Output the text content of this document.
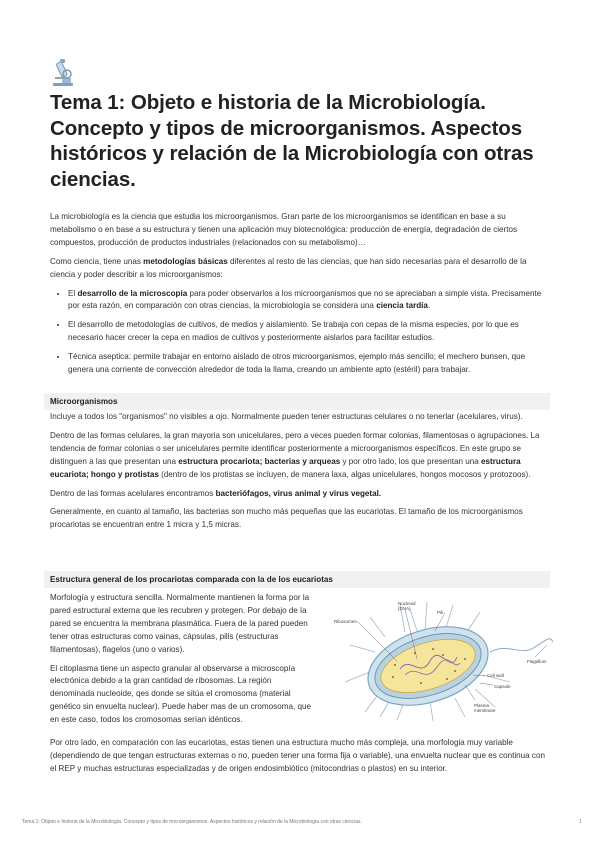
Tema 1: Objeto e historia de la Microbiología. Concepto y tipos de microorganismos. Aspectos históricos y relación de la Microbiología con otras ciencias.

La microbiología es la ciencia que estudia los microorganismos. Gran parte de los microorganismos se identifican en base a su metabolismo o en base a su estructura y tienen una aplicación muy biotecnológica: producción de energía, degradación de ciertos compuestos, producción de productos industriales (relacionados con su metabolismo)…

Como ciencia, tiene unas metodologías básicas diferentes al resto de las ciencias, que han sido necesarias para el desarrollo de la ciencia y poder describir a los microorganismos:

• El desarrollo de la microscopía para poder observarlos a los microorganismos que no se apreciaban a simple vista. Precisamente por esta razón, en comparación con otras ciencias, la microbiología se considera una ciencia tardía.
• El desarrollo de metodologías de cultivos, de medios y aislamiento. Se trabaja con cepas de la misma especies, por lo que es necesario hacer crecer la cepa en madios de cultivos y posteriormente aislarlos para facilitar estudios.
• Técnica aseptica: permite trabajar en entorno aislado de otros microorganismos, ejemplo más sencillo; el mechero bunsen, que genera una corriente de convección alrededor de toda la llama, creando un ambiente apto (estéril) para trabajar.
Microorganismos

Incluye a todos los "organismos" no visibles a ojo. Normalmente pueden tener estructuras celulares o no tenerlar (acelulares, virus).

Dentro de las formas celulares, la gran mayoria son unicelulares, pero a veces pueden formar colonias, filamentosas o agrupaciones. La tendencia de formar colonias o ser unicelulares permite identificar posteriormente a microorganismos específicos. En este grupo se distinguen a las que presentan una estructura procariota; bacterias y arqueas y por otro lado, los que presentan una estructura eucariota; hongo y protistas (dentro de los protistas se incluyen, de manera laxa, algas unicelulares, hongos mocosos y protozoos).

Dentro de las formas acelulares encontramos bacteriófagos, virus animal y virus vegetal.

Generalmente, en cuanto al tamaño, las bacterias son mucho más pequeñas que las eucariotas. El tamaño de los microorganismos procariotas se encuentran entre 1 micra y 1,5 micras.

Estructura general de los procariotas comparada con la de los eucariotas

Morfología y estructura sencilla. Normalmente mantienen la forma por la pared estructural externa que les recubren y protegen. Por debajo de la pared se encuentra la membrana plasmática. Fuera de la pared pueden tener otras estructuras como vainas, cápsulas, pilis (estructuras filamentosas), flagelos (uno o varios).

El citoplasma tiene un aspecto granular al observarse a microscopía electrónica debido a la gran cantidad de ribosomas. La región denominada nucleoide, qes donde se sitúa el cromosoma (material genético sin envuelta nuclear). Puede haber mas de un cromosoma, que en este caso, todos los cromosomas serían idénticos.

Nucleoid
(DNA)
Ribosomes
Pili
Flagellum
Cell wall
Capsule
Plasma
membrane

Por otro lado, en comparación con las eucariotas, estas tienen una estructura mucho más compleja, una morfologia muy variable (dependiendo de que tengan estructuras externas o no, pueden tener una forma fija o variable), una envuelta nuclear que es continua con el REP y muchas estructuras especializadas y de origen endosimbiótico (mitocondrias o plastos) en su interior.

Tema 1: Objeto e historia de la Microbiología. Concepto y tipos de microorganismos. Aspectos históricos y relación de la Microbiología con otras ciencias.	1
